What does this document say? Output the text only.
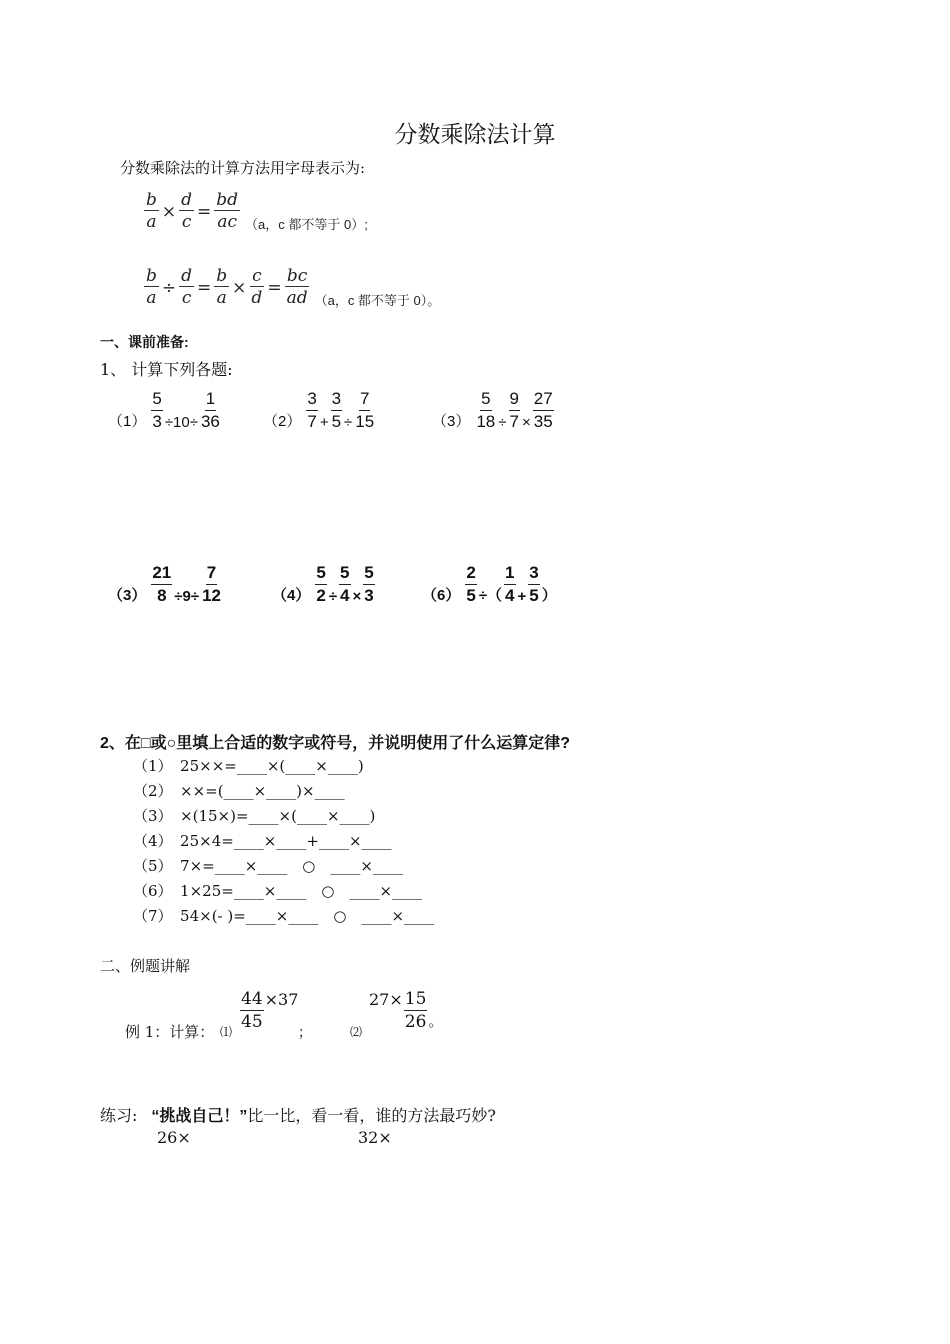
分数乘除法计算
分数乘除法的计算方法用字母表示为:
$\frac{b}{a} \times \frac{d}{c} = \frac{bd}{ac} (a$，c 都不等于 0）;
$\frac{b}{a} \div \frac{d}{c} = \frac{b}{a} \times \frac{c}{d} = \frac{bc}{ad} (a$，c 都不等于 0）。
一、课前准备:
1、 计算下列各题:
$(1) \frac{5}{3} \div 10\div \frac{1}{36}$	$(2) \frac{3}{7} + \frac{3}{5} \div \frac{7}{15}$	$(3) \frac{5}{18} \div \frac{9}{7} \times \frac{27}{35}$
$(3) \frac{21}{8} \div 9\div \frac{7}{12}$	$(4) \frac{5}{2} \div \frac{5}{4} \times \frac{5}{3}$	$(6) \frac{2}{5}$ ÷（ $\frac{1}{4} + \frac{3}{5}$ ）
2、在□或○里填上合适的数字或符号，并说明使用了什么运算定律?
（1）　25××=____×(____×____)
（2）　××=(____×____)×____
（3）　×(15×)=____×(____×____)
（4）　25×4=____×____+____×____
（5）　7×=____×____　○　____×____
（6）　1×25=____×____　○　____×____
（7）　54×(- )=____×____　○　____×____
二、例题讲解
例 1：计算： ⑴ $\frac{44}{45} \times 37$
；	⑵
$27\times \frac{15}{26}$ 。
练习: “挑战自己！”比一比，看一看，谁的方法最巧妙?
26×	32×
